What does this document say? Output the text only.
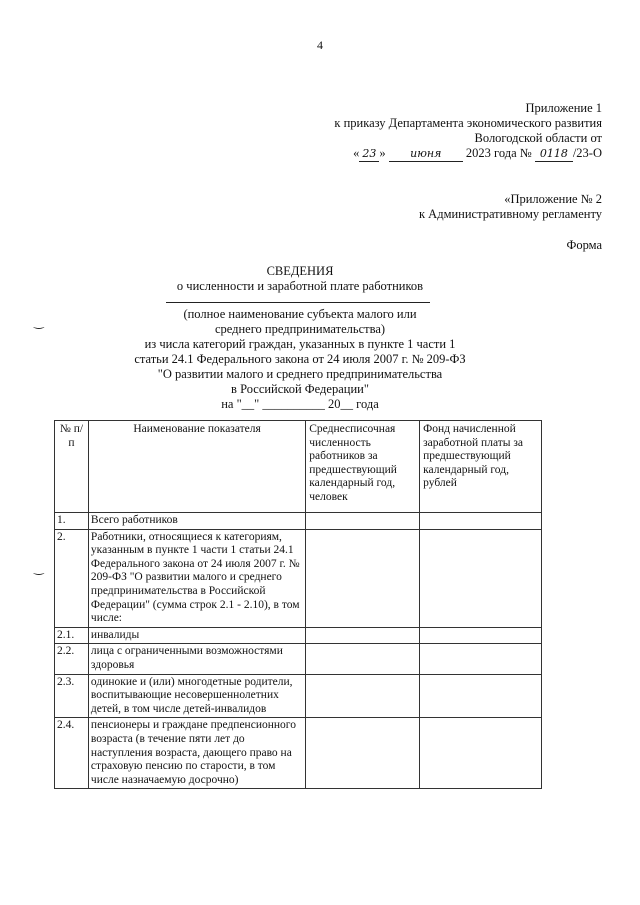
4
Приложение 1
к приказу Департамента экономического развития
Вологодской области от
« 23 » июня 2023 года № 0118 /23-О
«Приложение № 2
к Административному регламенту
Форма
СВЕДЕНИЯ
о численности и заработной плате работников
(полное наименование субъекта малого или
среднего предпринимательства)
из числа категорий граждан, указанных в пункте 1 части 1
статьи 24.1 Федерального закона от 24 июля 2007 г. № 209-ФЗ
"О развитии малого и среднего предпринимательства
в Российской Федерации"
на "__" __________ 20__ года
‿
‿
№ п/п	Наименование показателя	Среднесписочная численность работников за предшествующий календарный год, человек	Фонд начисленной заработной платы за предшествующий календарный год, рублей
1.	Всего работников		
2.	Работники, относящиеся к категориям, указанным в пункте 1 части 1 статьи 24.1 Федерального закона от 24 июля 2007 г. № 209-ФЗ "О развитии малого и среднего предпринимательства в Российской Федерации" (сумма строк 2.1 - 2.10), в том числе:		
2.1.	инвалиды		
2.2.	лица с ограниченными возможностями здоровья		
2.3.	одинокие и (или) многодетные родители, воспитывающие несовершеннолетних детей, в том числе детей-инвалидов		
2.4.	пенсионеры и граждане предпенсионного возраста (в течение пяти лет до наступления возраста, дающего право на страховую пенсию по старости, в том числе назначаемую досрочно)		
